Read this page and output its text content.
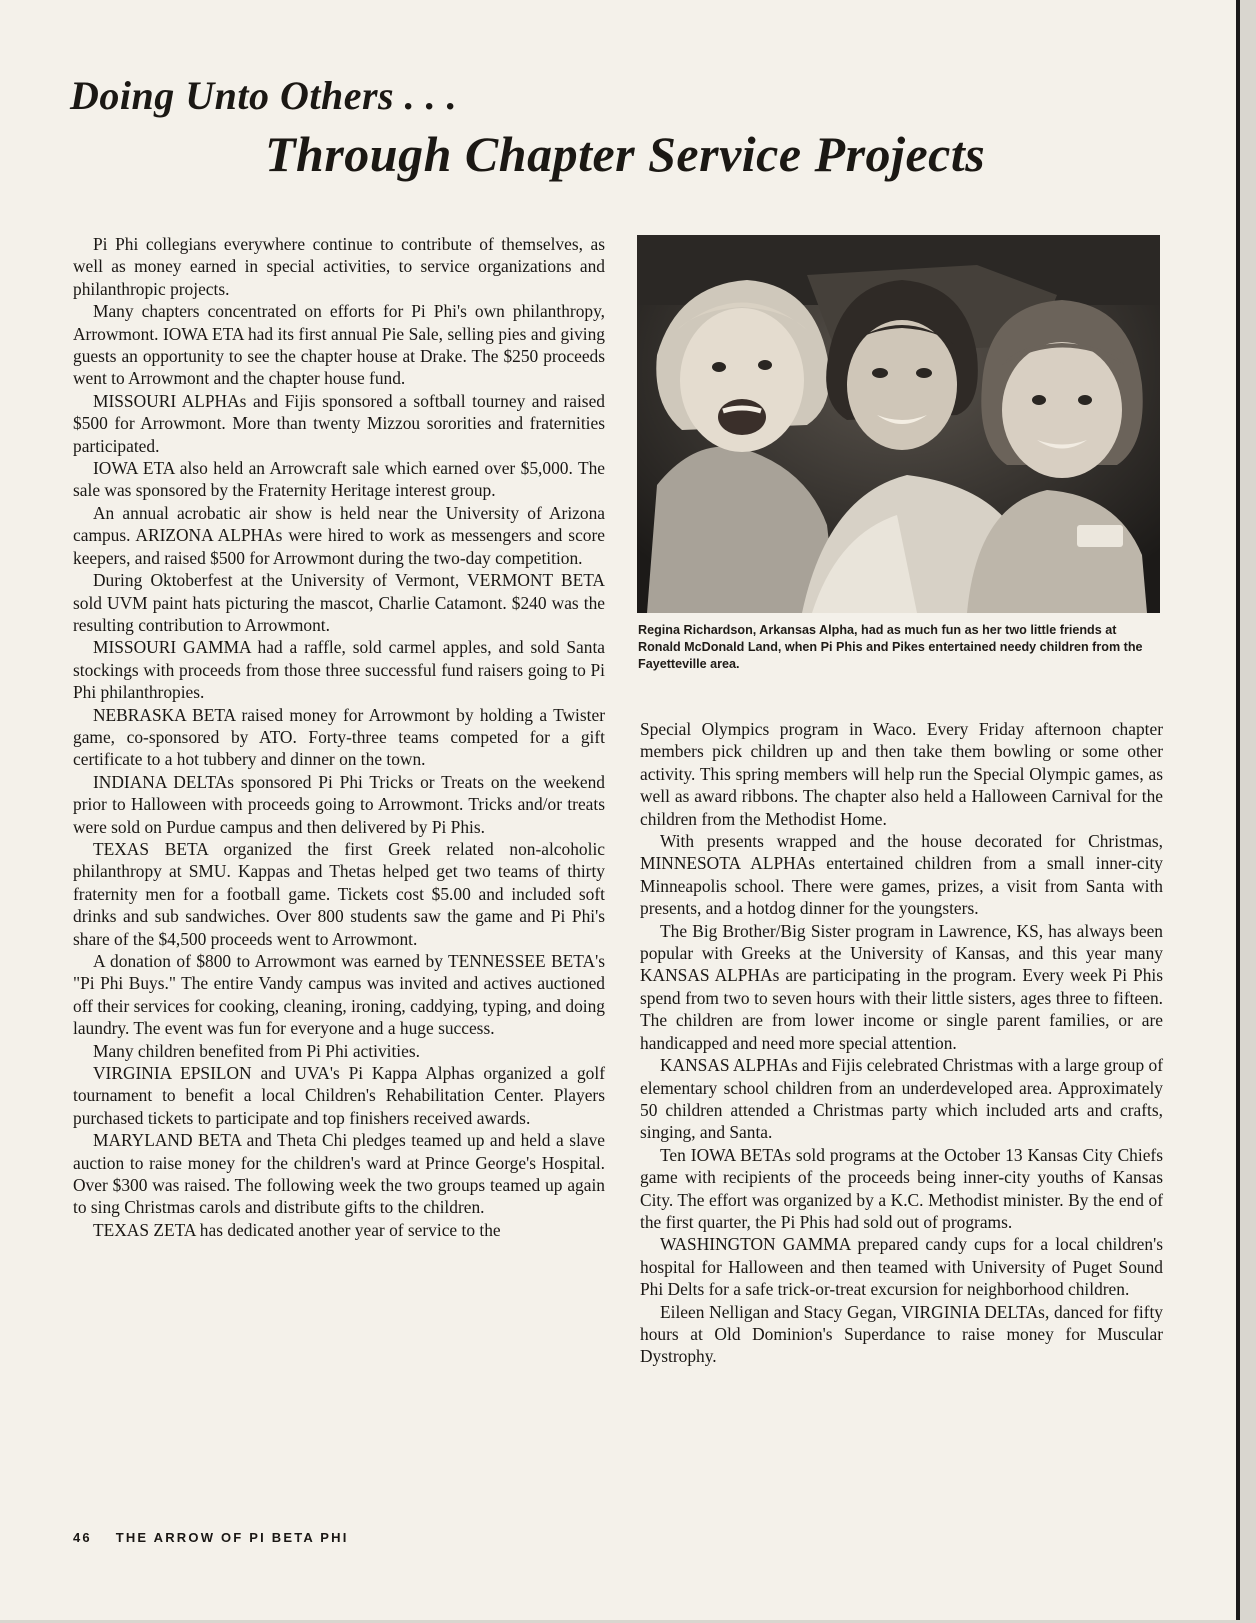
Doing Unto Others . . .
Through Chapter Service Projects

Pi Phi collegians everywhere continue to contribute of themselves, as well as money earned in special activities, to service organizations and philanthropic projects.

Many chapters concentrated on efforts for Pi Phi's own philanthropy, Arrowmont. IOWA ETA had its first annual Pie Sale, selling pies and giving guests an opportunity to see the chapter house at Drake. The $250 proceeds went to Arrowmont and the chapter house fund.

MISSOURI ALPHAs and Fijis sponsored a softball tourney and raised $500 for Arrowmont. More than twenty Mizzou sororities and fraternities participated.

IOWA ETA also held an Arrowcraft sale which earned over $5,000. The sale was sponsored by the Fraternity Heritage interest group.

An annual acrobatic air show is held near the University of Arizona campus. ARIZONA ALPHAs were hired to work as messengers and score keepers, and raised $500 for Arrowmont during the two-day competition.

During Oktoberfest at the University of Vermont, VERMONT BETA sold UVM paint hats picturing the mascot, Charlie Catamont. $240 was the resulting contribution to Arrowmont.

MISSOURI GAMMA had a raffle, sold carmel apples, and sold Santa stockings with proceeds from those three successful fund raisers going to Pi Phi philanthropies.

NEBRASKA BETA raised money for Arrowmont by holding a Twister game, co-sponsored by ATO. Forty-three teams competed for a gift certificate to a hot tubbery and dinner on the town.

INDIANA DELTAs sponsored Pi Phi Tricks or Treats on the weekend prior to Halloween with proceeds going to Arrowmont. Tricks and/or treats were sold on Purdue campus and then delivered by Pi Phis.

TEXAS BETA organized the first Greek related non-alcoholic philanthropy at SMU. Kappas and Thetas helped get two teams of thirty fraternity men for a football game. Tickets cost $5.00 and included soft drinks and sub sandwiches. Over 800 students saw the game and Pi Phi's share of the $4,500 proceeds went to Arrowmont.

A donation of $800 to Arrowmont was earned by TENNESSEE BETA's "Pi Phi Buys." The entire Vandy campus was invited and actives auctioned off their services for cooking, cleaning, ironing, caddying, typing, and doing laundry. The event was fun for everyone and a huge success.

Many children benefited from Pi Phi activities.

VIRGINIA EPSILON and UVA's Pi Kappa Alphas organized a golf tournament to benefit a local Children's Rehabilitation Center. Players purchased tickets to participate and top finishers received awards.

MARYLAND BETA and Theta Chi pledges teamed up and held a slave auction to raise money for the children's ward at Prince George's Hospital. Over $300 was raised. The following week the two groups teamed up again to sing Christmas carols and distribute gifts to the children.

TEXAS ZETA has dedicated another year of service to the

Regina Richardson, Arkansas Alpha, had as much fun as her two little friends at Ronald McDonald Land, when Pi Phis and Pikes entertained needy children from the Fayetteville area.

Special Olympics program in Waco. Every Friday afternoon chapter members pick children up and then take them bowling or some other activity. This spring members will help run the Special Olympic games, as well as award ribbons. The chapter also held a Halloween Carnival for the children from the Methodist Home.

With presents wrapped and the house decorated for Christmas, MINNESOTA ALPHAs entertained children from a small inner-city Minneapolis school. There were games, prizes, a visit from Santa with presents, and a hotdog dinner for the youngsters.

The Big Brother/Big Sister program in Lawrence, KS, has always been popular with Greeks at the University of Kansas, and this year many KANSAS ALPHAs are participating in the program. Every week Pi Phis spend from two to seven hours with their little sisters, ages three to fifteen. The children are from lower income or single parent families, or are handicapped and need more special attention.

KANSAS ALPHAs and Fijis celebrated Christmas with a large group of elementary school children from an underdeveloped area. Approximately 50 children attended a Christmas party which included arts and crafts, singing, and Santa.

Ten IOWA BETAs sold programs at the October 13 Kansas City Chiefs game with recipients of the proceeds being inner-city youths of Kansas City. The effort was organized by a K.C. Methodist minister. By the end of the first quarter, the Pi Phis had sold out of programs.

WASHINGTON GAMMA prepared candy cups for a local children's hospital for Halloween and then teamed with University of Puget Sound Phi Delts for a safe trick-or-treat excursion for neighborhood children.

Eileen Nelligan and Stacy Gegan, VIRGINIA DELTAs, danced for fifty hours at Old Dominion's Superdance to raise money for Muscular Dystrophy.

46 THE ARROW OF PI BETA PHI
